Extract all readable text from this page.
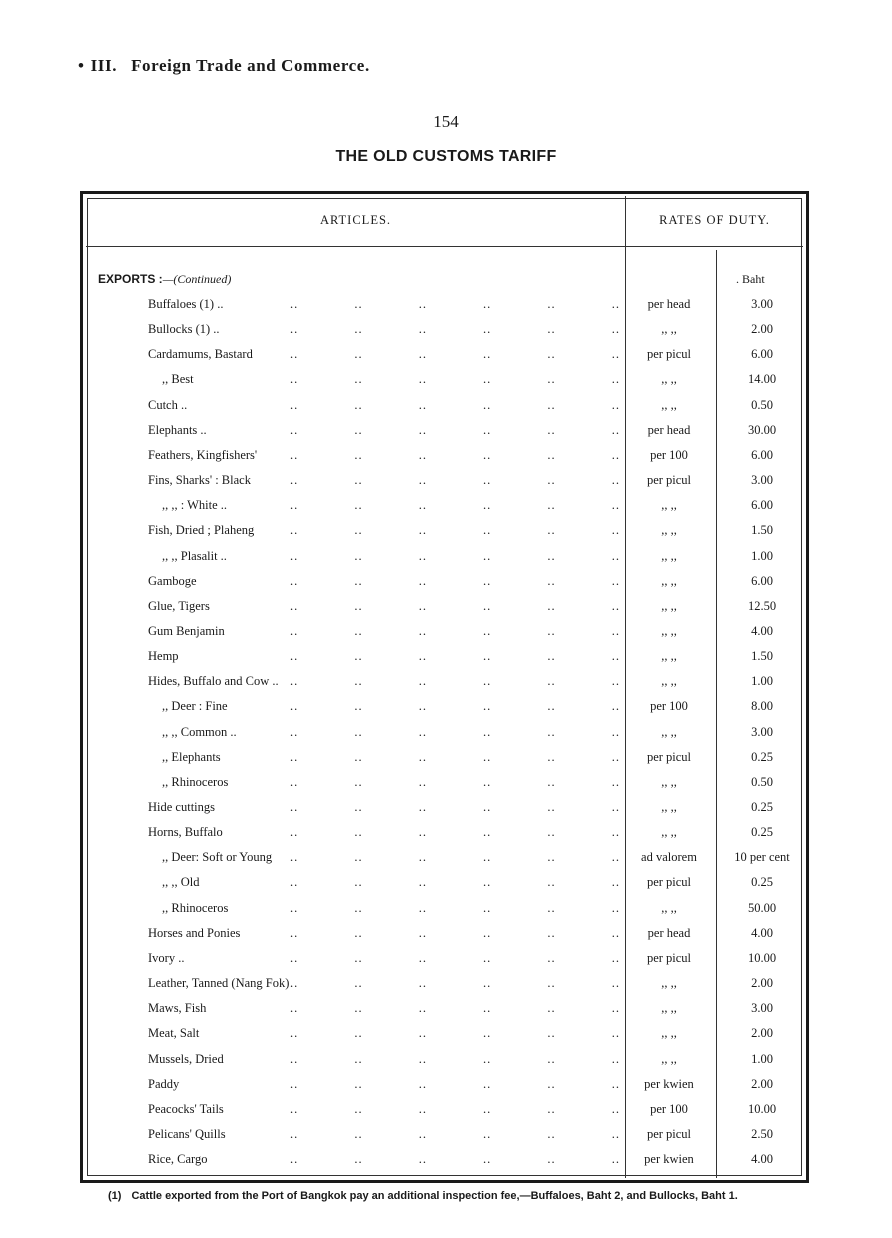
• III. Foreign Trade and Commerce.
154
THE OLD CUSTOMS TARIFF
ARTICLES.	RATES OF DUTY.
EXPORTS :—(Continued)	. Baht
Buffaloes (1) ..	..	..	..	..	..	..	per head	3.00
Bullocks (1) ..	..	..	..	..	..	..	,, ,,	2.00
Cardamums, Bastard	..	..	..	..	..	..	per picul	6.00
,, Best	..	..	..	..	..	..	,, ,,	14.00
Cutch ..	..	..	..	..	..	..	,, ,,	0.50
Elephants ..	..	..	..	..	..	..	per head	30.00
Feathers, Kingfishers'	..	..	..	..	..	..	per 100	6.00
Fins, Sharks' : Black	..	..	..	..	..	..	per picul	3.00
,, ,, : White ..	..	..	..	..	..	..	,, ,,	6.00
Fish, Dried ; Plaheng	..	..	..	..	..	..	,, ,,	1.50
,, ,, Plasalit ..	..	..	..	..	..	..	,, ,,	1.00
Gamboge	..	..	..	..	..	..	,, ,,	6.00
Glue, Tigers	..	..	..	..	..	..	,, ,,	12.50
Gum Benjamin	..	..	..	..	..	..	,, ,,	4.00
Hemp	..	..	..	..	..	..	,, ,,	1.50
Hides, Buffalo and Cow .. ..	..	..	..	..	..	,, ,,	1.00
,, Deer : Fine	..	..	..	..	..	..	per 100	8.00
,, ,, Common ..	..	..	..	..	..	..	,, ,,	3.00
,, Elephants	..	..	..	..	..	..	per picul	0.25
,, Rhinoceros	..	..	..	..	..	..	,, ,,	0.50
Hide cuttings	..	..	..	..	..	..	,, ,,	0.25
Horns, Buffalo	..	..	..	..	..	..	,, ,,	0.25
,, Deer: Soft or Young ..	..	..	..	..	..	ad valorem	10 per cent
,, ,, Old	..	..	..	..	..	..	per picul	0.25
,, Rhinoceros	..	..	..	..	..	..	,, ,,	50.00
Horses and Ponies	..	..	..	..	..	..	per head	4.00
Ivory ..	..	..	..	..	..	..	per picul	10.00
Leather, Tanned (Nang Fok) ..	..	..	..	..	..	,, ,,	2.00
Maws, Fish	..	..	..	..	..	..	,, ,,	3.00
Meat, Salt	..	..	..	..	..	..	,, ,,	2.00
Mussels, Dried	..	..	..	..	..	..	,, ,,	1.00
Paddy	..	..	..	..	..	..	per kwien	2.00
Peacocks' Tails	..	..	..	..	..	..	per 100	10.00
Pelicans' Quills	..	..	..	..	..	..	per picul	2.50
Rice, Cargo	..	..	..	..	..	..	per kwien	4.00
(1) Cattle exported from the Port of Bangkok pay an additional inspection fee,—Buffaloes, Baht 2, and Bullocks, Baht 1.
